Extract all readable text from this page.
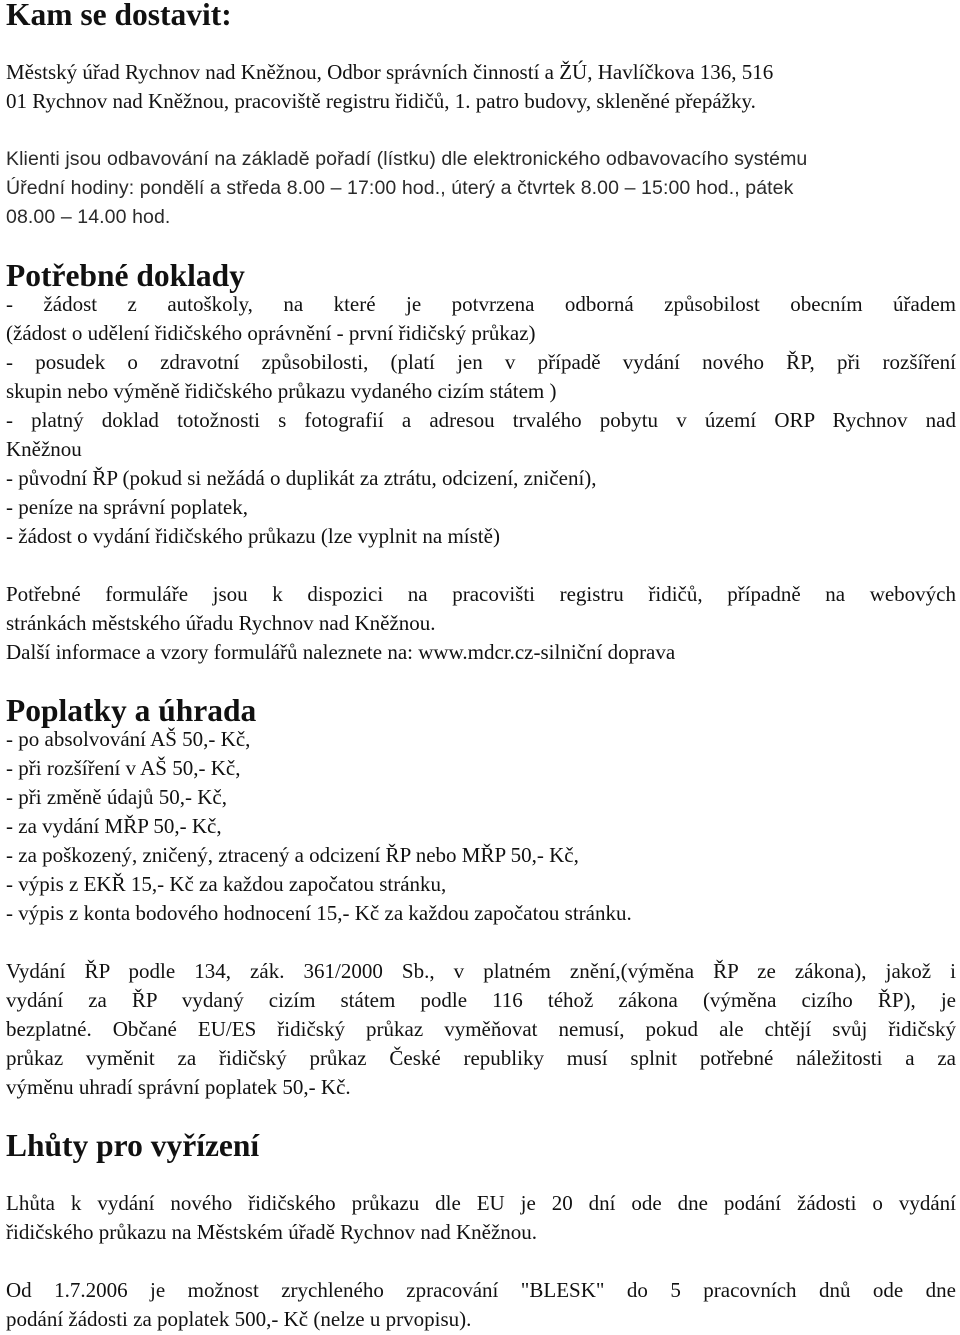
Kam se dostavit:

Městský úřad Rychnov nad Kněžnou, Odbor správních činností a ŽÚ, Havlíčkova 136, 516
01 Rychnov nad Kněžnou, pracoviště registru řidičů, 1. patro budovy, skleněné přepážky.

Klienti jsou odbavování na základě pořadí (lístku) dle elektronického odbavovacího systému
Úřední hodiny: pondělí a středa 8.00 – 17:00 hod., úterý a čtvrtek 8.00 – 15:00 hod., pátek
08.00 – 14.00 hod.

Potřebné doklady
- žádost z autoškoly, na které je potvrzena odborná způsobilost obecním úřadem
(žádost o udělení řidičského oprávnění - první řidičský průkaz)
- posudek o zdravotní způsobilosti, (platí jen v případě vydání nového ŘP, při rozšíření
skupin nebo výměně řidičského průkazu vydaného cizím státem )
- platný doklad totožnosti s fotografií a adresou trvalého pobytu v území ORP Rychnov nad
Kněžnou
- původní ŘP (pokud si nežádá o duplikát za ztrátu, odcizení, zničení),
- peníze na správní poplatek,
- žádost o vydání řidičského průkazu (lze vyplnit na místě)

Potřebné formuláře jsou k dispozici na pracovišti registru řidičů, případně na webových
stránkách městského úřadu Rychnov nad Kněžnou.
Další informace a vzory formulářů naleznete na: www.mdcr.cz-silniční doprava

Poplatky a úhrada
- po absolvování AŠ 50,- Kč,
- při rozšíření v AŠ 50,- Kč,
- při změně údajů 50,- Kč,
- za vydání MŘP 50,- Kč,
- za poškozený, zničený, ztracený a odcizení ŘP nebo MŘP 50,- Kč,
- výpis z EKŘ 15,- Kč za každou započatou stránku,
- výpis z konta bodového hodnocení 15,- Kč za každou započatou stránku.

Vydání ŘP podle 134, zák. 361/2000 Sb., v platném znění,(výměna ŘP ze zákona), jakož i
vydání za ŘP vydaný cizím státem podle 116 téhož zákona (výměna cizího ŘP), je
bezplatné. Občané EU/ES řidičský průkaz vyměňovat nemusí, pokud ale chtějí svůj řidičský
průkaz vyměnit za řidičský průkaz České republiky musí splnit potřebné náležitosti a za
výměnu uhradí správní poplatek 50,- Kč.

Lhůty pro vyřízení

Lhůta k vydání nového řidičského průkazu dle EU je 20 dní ode dne podání žádosti o vydání
řidičského průkazu na Městském úřadě Rychnov nad Kněžnou.

Od 1.7.2006 je možnost zrychleného zpracování "BLESK" do 5 pracovních dnů ode dne
podání žádosti za poplatek 500,- Kč (nelze u prvopisu).
